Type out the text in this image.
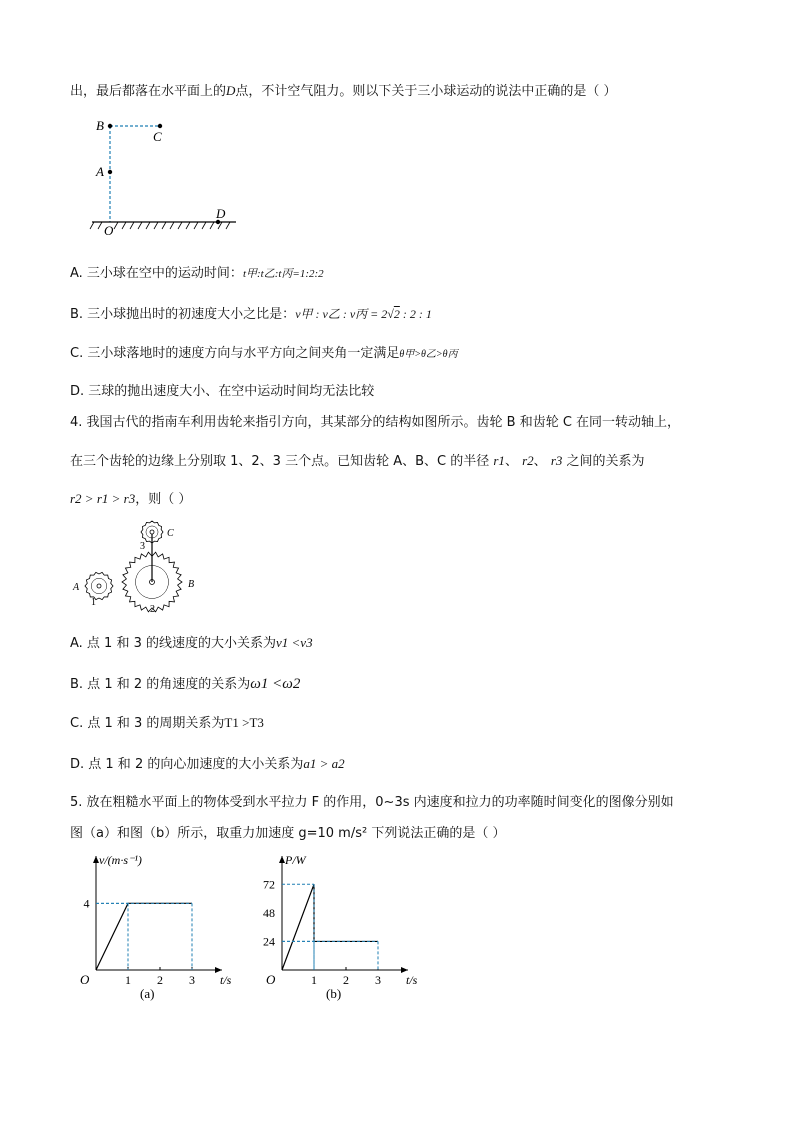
出，最后都落在水平面上的D点，不计空气阻力。则以下关于三小球运动的说法中正确的是（ ）
B
C
A
O
D
A. 三小球在空中的运动时间：t甲:t乙:t丙=1:2:2
B. 三小球抛出时的初速度大小之比是：v甲 : v乙 : v丙 = 2√2 : 2 : 1
C. 三小球落地时的速度方向与水平方向之间夹角一定满足θ甲>θ乙>θ丙
D. 三球的抛出速度大小、在空中运动时间均无法比较
4. 我国古代的指南车利用齿轮来指引方向，其某部分的结构如图所示。齿轮 B 和齿轮 C 在同一转动轴上，
在三个齿轮的边缘上分别取 1、2、3 三个点。已知齿轮 A、B、C 的半径 r1、 r2、 r3 之间的关系为
r2 > r1 > r3，则（ ）
C
3
A
1
B
2
A. 点 1 和 3 的线速度的大小关系为v1 <v3
B. 点 1 和 2 的角速度的关系为ω1 <ω2
C. 点 1 和 3 的周期关系为T1 >T3
D. 点 1 和 2 的向心加速度的大小关系为a1 > a2
5. 放在粗糙水平面上的物体受到水平拉力 F 的作用，0~3s 内速度和拉力的功率随时间变化的图像分别如
图（a）和图（b）所示，取重力加速度 g=10 m/s² 下列说法正确的是（ ）
v/(m·s⁻¹)
t/s
O	1 2 3
4
(a)
P/W
t/s
O	1 2 3
24
48
72
(b)
